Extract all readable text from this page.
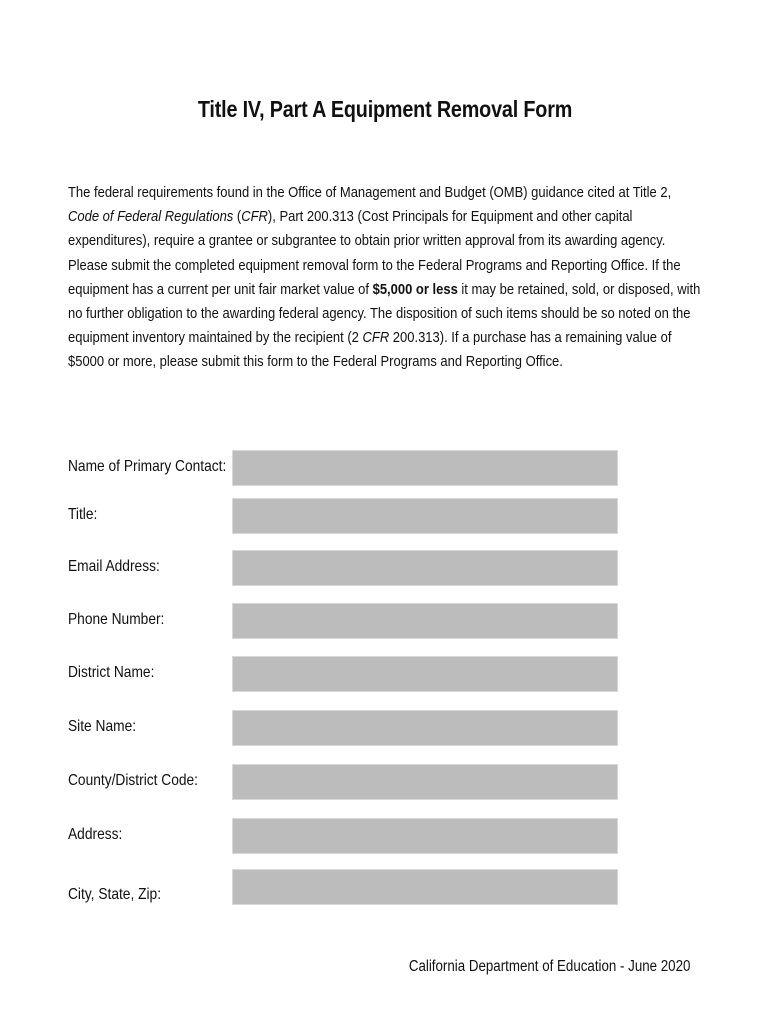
Title IV, Part A Equipment Removal Form
The federal requirements found in the Office of Management and Budget (OMB) guidance cited at Title 2, Code of Federal Regulations (CFR), Part 200.313 (Cost Principals for Equipment and other capital expenditures), require a grantee or subgrantee to obtain prior written approval from its awarding agency. Please submit the completed equipment removal form to the Federal Programs and Reporting Office. If the equipment has a current per unit fair market value of $5,000 or less it may be retained, sold, or disposed, with no further obligation to the awarding federal agency. The disposition of such items should be so noted on the equipment inventory maintained by the recipient (2 CFR 200.313). If a purchase has a remaining value of $5000 or more, please submit this form to the Federal Programs and Reporting Office.
Name of Primary Contact:
Title:
Email Address:
Phone Number:
District Name:
Site Name:
County/District Code:
Address:
City, State, Zip:
California Department of Education - June 2020
